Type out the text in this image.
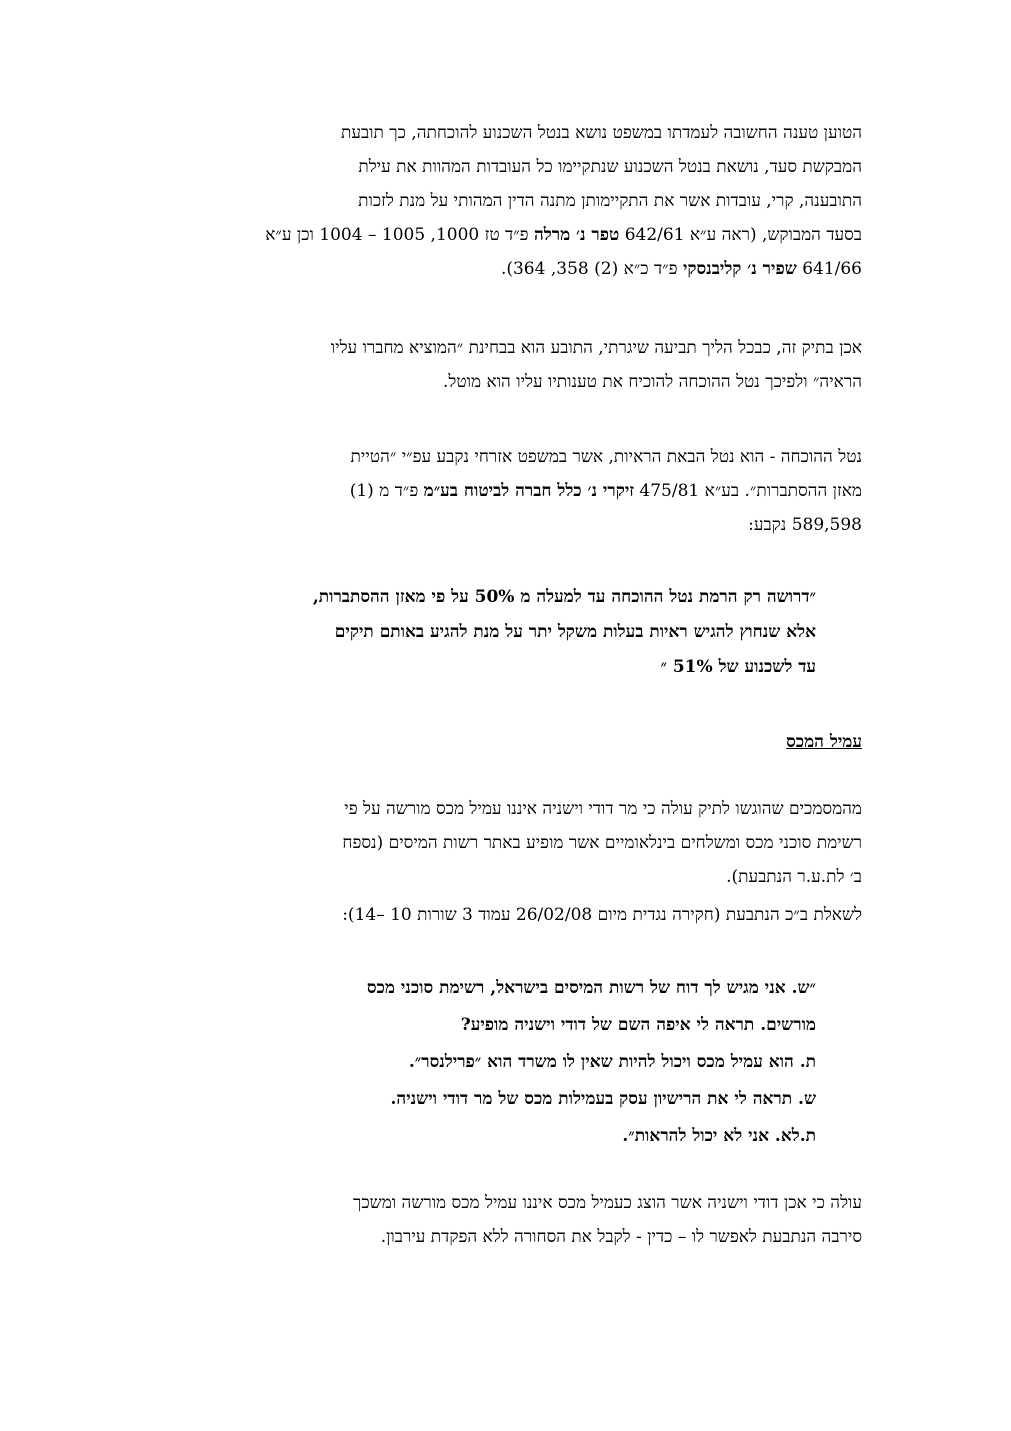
הטוען טענה החשובה לעמדתו במשפט נושא בנטל השכנוע להוכחתה, כך תובעת
המבקשת סעד, נושאת בנטל השכנוע שנתקיימו כל העובדות המהוות את עילת
התובענה, קרי, עובדות אשר את התקיימותן מתנה הדין המהותי על מנת לזכות
בסעד המבוקש, (ראה ע״א 642/61 טפר נ׳ מרלה פ״ד טז 1000, 1005 – 1004 וכן ע״א
641/66 שפיר נ׳ קליבנסקי פ״ד כ״א (2) 358, 364).
אכן בתיק זה, כבכל הליך תביעה שיגרתי, התובע הוא בבחינת ״המוציא מחברו עליו
הראיה״ ולפיכך נטל ההוכחה להוכיח את טענותיו עליו הוא מוטל.
נטל ההוכחה - הוא נטל הבאת הראיות, אשר במשפט אזרחי נקבע עפ״י ״הטיית
מאזן ההסתברות״. בע״א 475/81 זיקרי נ׳ כלל חברה לביטוח בע״מ פ״ד מ (1)
589,598 נקבע:
״דרושה רק הרמת נטל ההוכחה עד למעלה מ 50% על פי מאזן ההסתברות,
אלא שנחוץ להגיש ראיות בעלות משקל יתר על מנת להגיע באותם תיקים
עד לשכנוע של 51% ״
עמיל המכס
מהמסמכים שהוגשו לתיק עולה כי מר דודי וישניה איננו עמיל מכס מורשה על פי
רשימת סוכני מכס ומשלחים בינלאומיים אשר מופיע באתר רשות המיסים (נספח
ב׳ לת.ע.ר הנתבעת).
לשאלת ב״כ הנתבעת (חקירה נגדית מיום 26/02/08 עמוד 3 שורות 10 –14):
״ש. אני מגיש לך דוח של רשות המיסים בישראל, רשימת סוכני מכס
מורשים. תראה לי איפה השם של דודי וישניה מופיע?
ת. הוא עמיל מכס ויכול להיות שאין לו משרד הוא ״פרילנסר״.
ש. תראה לי את הרישיון עסק בעמילות מכס של מר דודי וישניה.
ת.לא. אני לא יכול להראות״.
עולה כי אכן דודי וישניה אשר הוצג כעמיל מכס איננו עמיל מכס מורשה ומשכך
סירבה הנתבעת לאפשר לו – כדין - לקבל את הסחורה ללא הפקדת עירבון.
